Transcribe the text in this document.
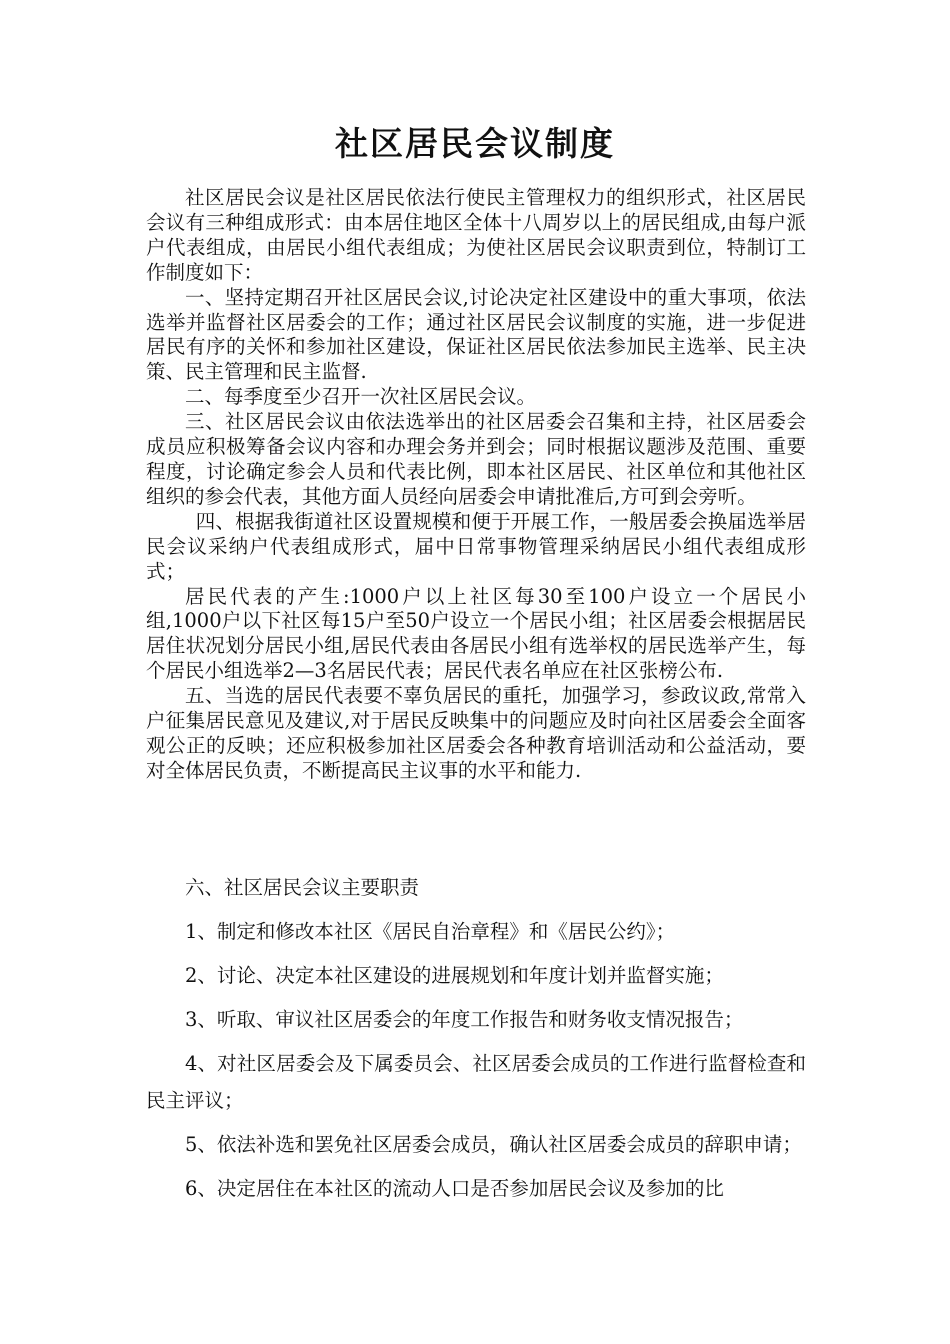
社区居民会议制度

社区居民会议是社区居民依法行使民主管理权力的组织形式，社区居民会议有三种组成形式：由本居住地区全体十八周岁以上的居民组成,由每户派户代表组成，由居民小组代表组成；为使社区居民会议职责到位，特制订工作制度如下：

一、坚持定期召开社区居民会议,讨论决定社区建设中的重大事项，依法选举并监督社区居委会的工作；通过社区居民会议制度的实施，进一步促进居民有序的关怀和参加社区建设，保证社区居民依法参加民主选举、民主决策、民主管理和民主监督.

二、每季度至少召开一次社区居民会议。

三、社区居民会议由依法选举出的社区居委会召集和主持，社区居委会成员应积极筹备会议内容和办理会务并到会；同时根据议题涉及范围、重要程度，讨论确定参会人员和代表比例，即本社区居民、社区单位和其他社区组织的参会代表，其他方面人员经向居委会申请批准后,方可到会旁听。

四、根据我街道社区设置规模和便于开展工作，一般居委会换届选举居民会议采纳户代表组成形式，届中日常事物管理采纳居民小组代表组成形式；

居民代表的产生:1000户以上社区每30至100户设立一个居民小组,1000户以下社区每15户至50户设立一个居民小组；社区居委会根据居民居住状况划分居民小组,居民代表由各居民小组有选举权的居民选举产生，每个居民小组选举2—3名居民代表；居民代表名单应在社区张榜公布.

五、当选的居民代表要不辜负居民的重托，加强学习，参政议政,常常入户征集居民意见及建议,对于居民反映集中的问题应及时向社区居委会全面客观公正的反映；还应积极参加社区居委会各种教育培训活动和公益活动，要对全体居民负责，不断提高民主议事的水平和能力.

六、社区居民会议主要职责

1、制定和修改本社区《居民自治章程》和《居民公约》；

2、讨论、决定本社区建设的进展规划和年度计划并监督实施；

3、听取、审议社区居委会的年度工作报告和财务收支情况报告；

4、对社区居委会及下属委员会、社区居委会成员的工作进行监督检查和民主评议；

5、依法补选和罢免社区居委会成员，确认社区居委会成员的辞职申请；

6、决定居住在本社区的流动人口是否参加居民会议及参加的比
